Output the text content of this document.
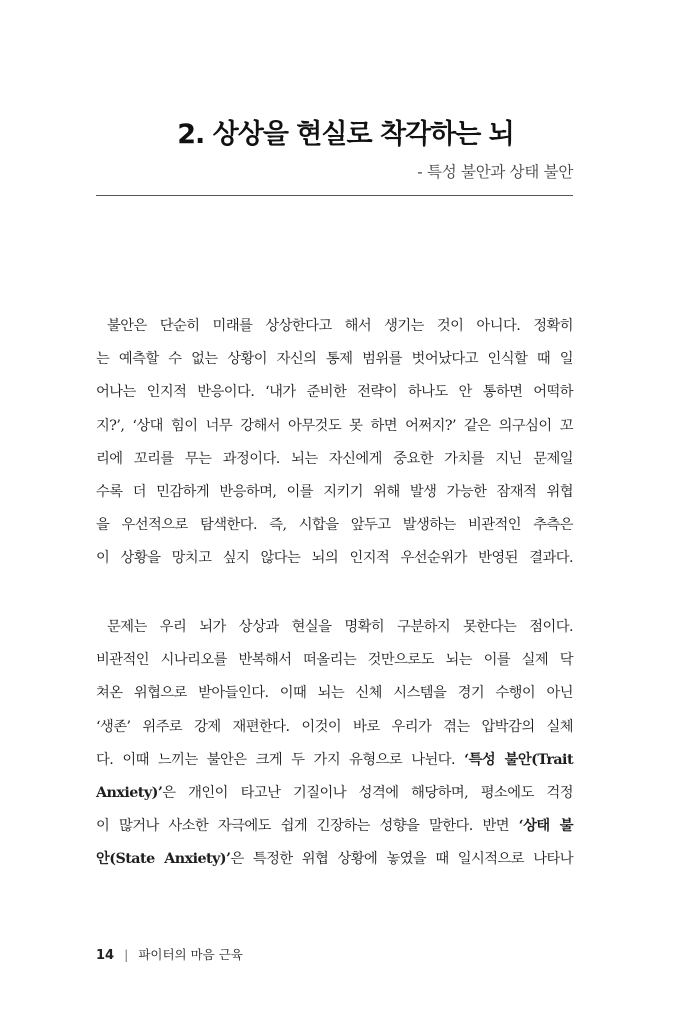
2. 상상을 현실로 착각하는 뇌
- 특성 불안과 상태 불안
불안은 단순히 미래를 상상한다고 해서 생기는 것이 아니다. 정확히
는 예측할 수 없는 상황이 자신의 통제 범위를 벗어났다고 인식할 때 일
어나는 인지적 반응이다. ‘내가 준비한 전략이 하나도 안 통하면 어떡하
지?’, ‘상대 힘이 너무 강해서 아무것도 못 하면 어쩌지?’ 같은 의구심이 꼬
리에 꼬리를 무는 과정이다. 뇌는 자신에게 중요한 가치를 지닌 문제일
수록 더 민감하게 반응하며, 이를 지키기 위해 발생 가능한 잠재적 위협
을 우선적으로 탐색한다. 즉, 시합을 앞두고 발생하는 비관적인 추측은
이 상황을 망치고 싶지 않다는 뇌의 인지적 우선순위가 반영된 결과다.
문제는 우리 뇌가 상상과 현실을 명확히 구분하지 못한다는 점이다.
비관적인 시나리오를 반복해서 떠올리는 것만으로도 뇌는 이를 실제 닥
쳐온 위협으로 받아들인다. 이때 뇌는 신체 시스템을 경기 수행이 아닌
‘생존’ 위주로 강제 재편한다. 이것이 바로 우리가 겪는 압박감의 실체
다. 이때 느끼는 불안은 크게 두 가지 유형으로 나뉜다. ‘특성 불안(Trait
Anxiety)’은 개인이 타고난 기질이나 성격에 해당하며, 평소에도 걱정
이 많거나 사소한 자극에도 쉽게 긴장하는 성향을 말한다. 반면 ‘상태 불
안(State Anxiety)’은 특정한 위협 상황에 놓였을 때 일시적으로 나타나
14 | 파이터의 마음 근육
